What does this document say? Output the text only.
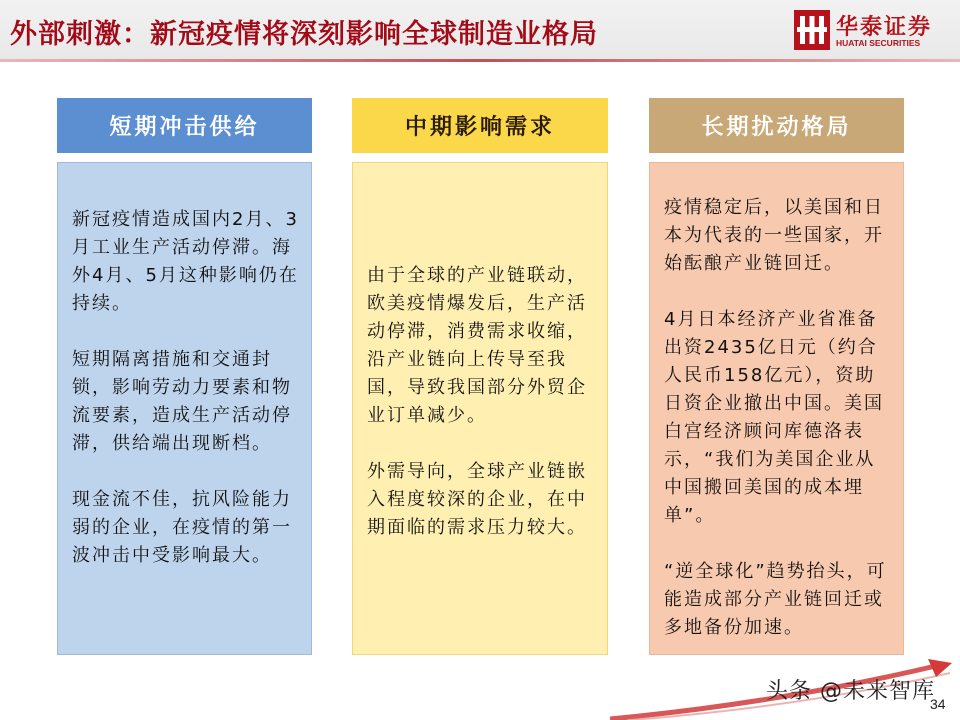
外部刺激：新冠疫情将深刻影响全球制造业格局	华泰证券
HUATAI SECURITIES
短期冲击供给

新冠疫情造成国内2月、3月工业生产活动停滞。海外4月、5月这种影响仍在持续。

短期隔离措施和交通封锁，影响劳动力要素和物流要素，造成生产活动停滞，供给端出现断档。

现金流不佳，抗风险能力弱的企业，在疫情的第一波冲击中受影响最大。

中期影响需求

由于全球的产业链联动，欧美疫情爆发后，生产活动停滞，消费需求收缩，沿产业链向上传导至我国，导致我国部分外贸企业订单减少。

外需导向，全球产业链嵌入程度较深的企业，在中期面临的需求压力较大。

长期扰动格局

疫情稳定后，以美国和日本为代表的一些国家，开始酝酿产业链回迁。

4月日本经济产业省准备出资2435亿日元（约合人民币158亿元），资助日资企业撤出中国。美国白宫经济顾问库德洛表示，“我们为美国企业从中国搬回美国的成本埋单”。

“逆全球化”趋势抬头，可能造成部分产业链回迁或多地备份加速。

头条 @未来智库
34
